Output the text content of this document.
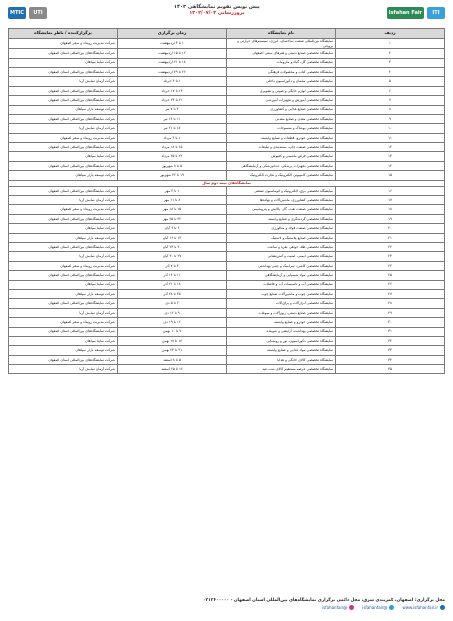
MTIC	UTI
پیش نویس تقویم نمایشگاهی ۱۴۰۳
بروزرسانی ۱۴۰۲/۰۷/۰۳	Isfahan Fair	ITI
ردیف	نام نمایشگاه	زمان برگزاری	برگزارکننده / ناظر نمایشگاه
۱	نمایشگاه بین‌المللی صنعت ساختمان، انرژی، سیستم‌های حرارتی و برودتی	۱ تا ۴ اردیبهشت	شرکت مدیریت رویداد و سفر اصفهان
۲	نمایشگاه تخصصی صنایع دستی و هنرهای سنتی اصفهان	۱۲ تا ۱۵ اردیبهشت	شرکت نمایشگاه‌های بین‌المللی استان اصفهان
۳	نمایشگاه تخصصی گل، گیاه و ملزومات	۱۸ تا ۲۱ اردیبهشت	شرکت ساینا سپاهان
۴	نمایشگاه تخصصی کتاب و محصولات فرهنگی	۲۶ تا ۲۹ اردیبهشت	شرکت نمایشگاه‌های بین‌المللی استان اصفهان
۵	نمایشگاه تخصصی مبلمان و دکوراسیون داخلی	۱ تا ۴ خرداد	شرکت آرمان نمایش آریا
۶	نمایشگاه تخصصی لوازم خانگی و صوتی و تصویری	۱۴ تا ۱۷ خرداد	شرکت نمایشگاه‌های بین‌المللی استان اصفهان
۷	نمایشگاه تخصصی آموزش و تجهیزات آموزشی	۲۱ تا ۲۴ خرداد	شرکت نمایشگاه‌های بین‌المللی استان اصفهان
۸	نمایشگاه تخصصی صنایع غذایی و کشاورزی	۴ تا ۷ تیر	شرکت توسعه بازار سپاهان
۹	نمایشگاه تخصصی معدن و صنایع معدنی	۱۱ تا ۱۴ تیر	شرکت نمایشگاه‌های بین‌المللی استان اصفهان
۱۰	نمایشگاه تخصصی پوشاک و منسوجات	۱۸ تا ۲۱ تیر	شرکت آرمان نمایش آریا
۱۱	نمایشگاه تخصصی خودرو، قطعات و صنایع وابسته	۱ تا ۴ مرداد	شرکت مدیریت رویداد و سفر اصفهان
۱۲	نمایشگاه تخصصی صنعت چاپ، بسته‌بندی و تبلیغات	۱۵ تا ۱۸ مرداد	شرکت نمایشگاه‌های بین‌المللی استان اصفهان
۱۳	نمایشگاه تخصصی فرش ماشینی و کفپوش	۲۲ تا ۲۵ مرداد	شرکت ساینا سپاهان
۱۴	نمایشگاه تخصصی تجهیزات پزشکی، دندانپزشکی و آزمایشگاهی	۵ تا ۸ شهریور	شرکت نمایشگاه‌های بین‌المللی استان اصفهان
۱۵	نمایشگاه تخصصی کامپیوتر، الکترونیک و تجارت الکترونیک	۱۹ تا ۲۲ شهریور	شرکت توسعه بازار سپاهان
نمایشگاه‌های نیمه دوم سال			
۱۶	نمایشگاه تخصصی برق، الکترونیک و اتوماسیون صنعتی	۱ تا ۴ مهر	شرکت نمایشگاه‌های بین‌المللی استان اصفهان
۱۷	نمایشگاه تخصصی کشاورزی، ماشین‌آلات و نهاده‌ها	۸ تا ۱۱ مهر	شرکت آرمان نمایش آریا
۱۸	نمایشگاه تخصصی صنعت نفت، گاز، پالایش و پتروشیمی	۱۵ تا ۱۸ مهر	شرکت مدیریت رویداد و سفر اصفهان
۱۹	نمایشگاه تخصصی گردشگری و صنایع وابسته	۲۲ تا ۲۵ مهر	شرکت نمایشگاه‌های بین‌المللی استان اصفهان
۲۰	نمایشگاه تخصصی صنعت فولاد و متالورژی	۶ تا ۹ آبان	شرکت ساینا سپاهان
۲۱	نمایشگاه تخصصی صنایع پلاستیک و لاستیک	۱۳ تا ۱۶ آبان	شرکت توسعه بازار سپاهان
۲۲	نمایشگاه تخصصی طلا، جواهر، نقره و ساعت	۲۰ تا ۲۳ آبان	شرکت نمایشگاه‌های بین‌المللی استان اصفهان
۲۳	نمایشگاه تخصصی ایمنی، امنیت و آتش‌نشانی	۲۷ تا ۳۰ آبان	شرکت آرمان نمایش آریا
۲۴	نمایشگاه تخصصی کاشی، سرامیک و چینی بهداشتی	۴ تا ۷ آذر	شرکت مدیریت رویداد و سفر اصفهان
۲۵	نمایشگاه تخصصی مواد شیمیایی و آزمایشگاهی	۱۱ تا ۱۴ آذر	شرکت نمایشگاه‌های بین‌المللی استان اصفهان
۲۶	نمایشگاه تخصصی آب و تاسیسات آب و فاضلاب	۱۸ تا ۲۱ آذر	شرکت ساینا سپاهان
۲۷	نمایشگاه تخصصی چوب و ماشین‌آلات صنایع چوب	۲۵ تا ۲۸ آذر	شرکت توسعه بازار سپاهان
۲۸	نمایشگاه تخصصی ابزارآلات و یراق‌آلات	۲ تا ۵ دی	شرکت نمایشگاه‌های بین‌المللی استان اصفهان
۲۹	نمایشگاه تخصصی صنایع دستی، زیورآلات و سوغات	۹ تا ۱۲ دی	شرکت آرمان نمایش آریا
۳۰	نمایشگاه تخصصی خودرو و صنایع وابسته	۱۶ تا ۱۹ دی	شرکت مدیریت رویداد و سفر اصفهان
۳۱	نمایشگاه تخصصی بهداشت، آرایشی و شوینده	۷ تا ۱۰ بهمن	شرکت نمایشگاه‌های بین‌المللی استان اصفهان
۳۲	نمایشگاه تخصصی دکوراسیون، نور و روشنایی	۱۴ تا ۱۷ بهمن	شرکت ساینا سپاهان
۳۳	نمایشگاه تخصصی مواد غذایی و صنایع وابسته	۲۱ تا ۲۴ بهمن	شرکت توسعه بازار سپاهان
۳۴	نمایشگاه تخصصی کالای خانگی و هدایا	۵ تا ۸ اسفند	شرکت نمایشگاه‌های بین‌المللی استان اصفهان
۳۵	نمایشگاه تخصصی عرضه مستقیم کالای شب عید	۱۲ تا ۲۵ اسفند	شرکت آرمان نمایش آریا
محل برگزاری: اصفهان، کمربندی شرق، محل دائمی برگزاری نمایشگاه‌های بین‌المللی استان اصفهان - ۰۳۱۳۶۰۰۰۰۰
www.isfahanfair.ir
@isfahanfair
@isfahanfair
